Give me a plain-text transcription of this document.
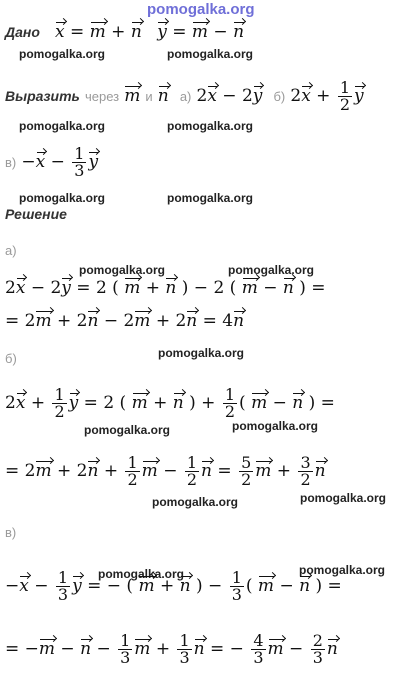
pomogalka.org
Дано x = m + n y = m − n
pomogalka.org	pomogalka.org
Выразить через m и n а) 2x − 2y б) $2x + \frac{1}{2}$ y
pomogalka.org	pomogalka.org
$в) -x - \frac{1}{3}$ y
pomogalka.org	pomogalka.org
Решение
а)
pomogalka.org	pomogalka.org
2x − 2y = 2 ( m + n ) − 2 ( m − n ) =
= 2m + 2n − 2m + 2n = 4n
б)	pomogalka.org
$2x + \frac{1}{2}$ y = 2 ( m + n ) + $\frac{1}{2}$ ( m − n ) =
pomogalka.org	pomogalka.org
= $2m + 2n + \frac{1}{2}$ $m - \frac{1}{2}$ $n = \frac{5}{2}$ $m + \frac{3}{2}$ n
pomogalka.org	pomogalka.org
в)
pomogalka.org	pomogalka.org
$-x - \frac{1}{3}$ y = − ( m + n ) − $\frac{1}{3}$ ( m − n ) =
= $-m - n - \frac{1}{3}$ $m + \frac{1}{3}$ n = − $\frac{4}{3}$ $m - \frac{2}{3}$ n
